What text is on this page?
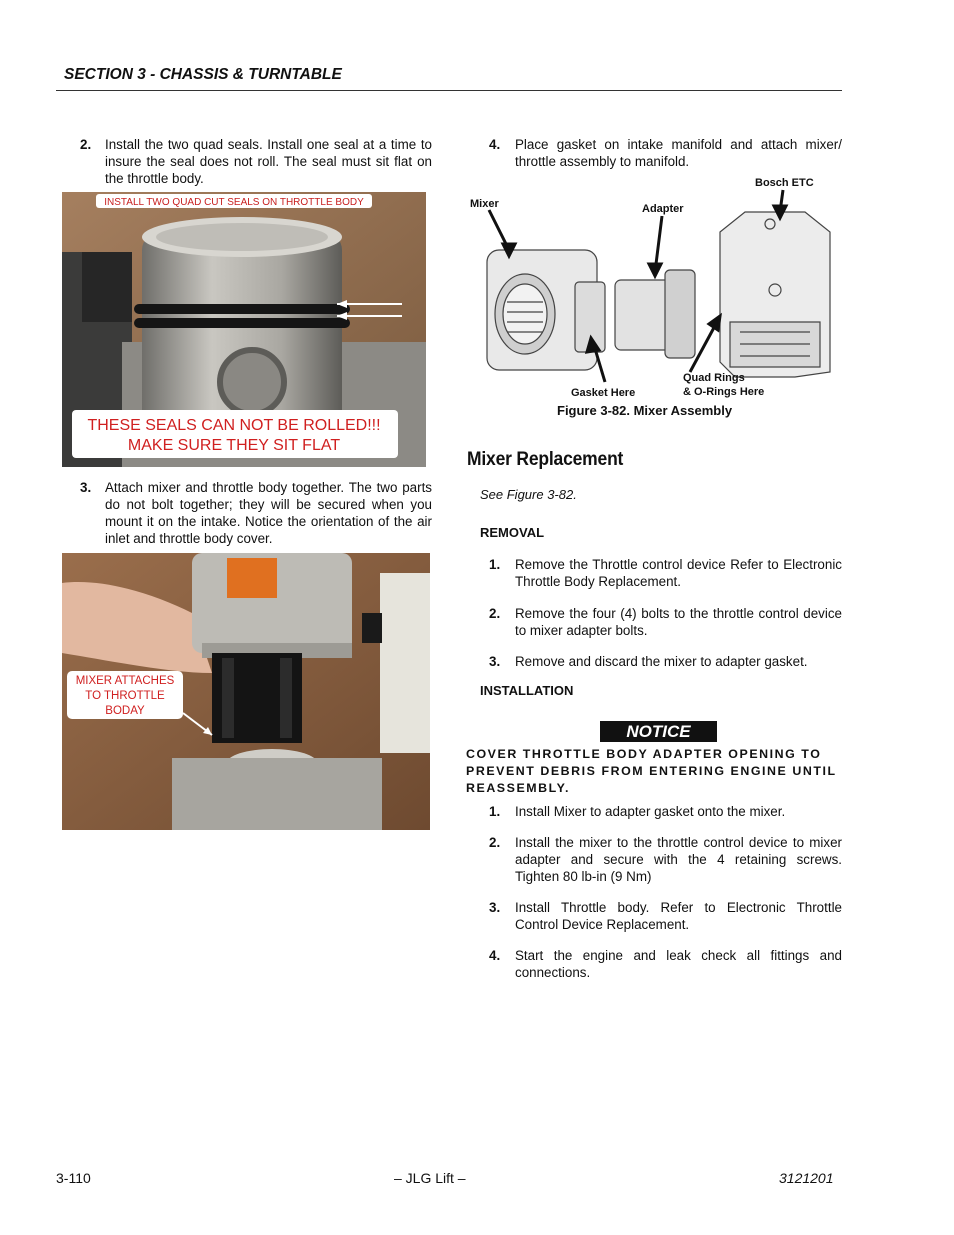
SECTION 3 - CHASSIS & TURNTABLE
2. Install the two quad seals. Install one seal at a time to insure the seal does not roll. The seal must sit flat on the throttle body.
INSTALL TWO QUAD CUT SEALS ON THROTTLE BODY
THESE SEALS CAN NOT BE ROLLED!!!
MAKE SURE THEY SIT FLAT
3. Attach mixer and throttle body together. The two parts do not bolt together; they will be secured when you mount it on the intake. Notice the orientation of the air inlet and throttle body cover.
MIXER ATTACHES
TO THROTTLE
BODAY
4. Place gasket on intake manifold and attach mixer/ throttle assembly to manifold.
Mixer	Adapter
Bosch ETC
Gasket Here
Quad Rings
& O-Rings Here
Figure 3-82. Mixer Assembly
Mixer Replacement
See Figure 3-82.
REMOVAL
1. Remove the Throttle control device Refer to Electronic Throttle Body Replacement.
2. Remove the four (4) bolts to the throttle control device to mixer adapter bolts.
3. Remove and discard the mixer to adapter gasket.
INSTALLATION
NOTICE
COVER THROTTLE BODY ADAPTER OPENING TO PREVENT DEBRIS FROM ENTERING ENGINE UNTIL REASSEMBLY.
1. Install Mixer to adapter gasket onto the mixer.
2. Install the mixer to the throttle control device to mixer adapter and secure with the 4 retaining screws. Tighten 80 lb-in (9 Nm)
3. Install Throttle body. Refer to Electronic Throttle Control Device Replacement.
4. Start the engine and leak check all fittings and connections.
3-110	– JLG Lift –	3121201
